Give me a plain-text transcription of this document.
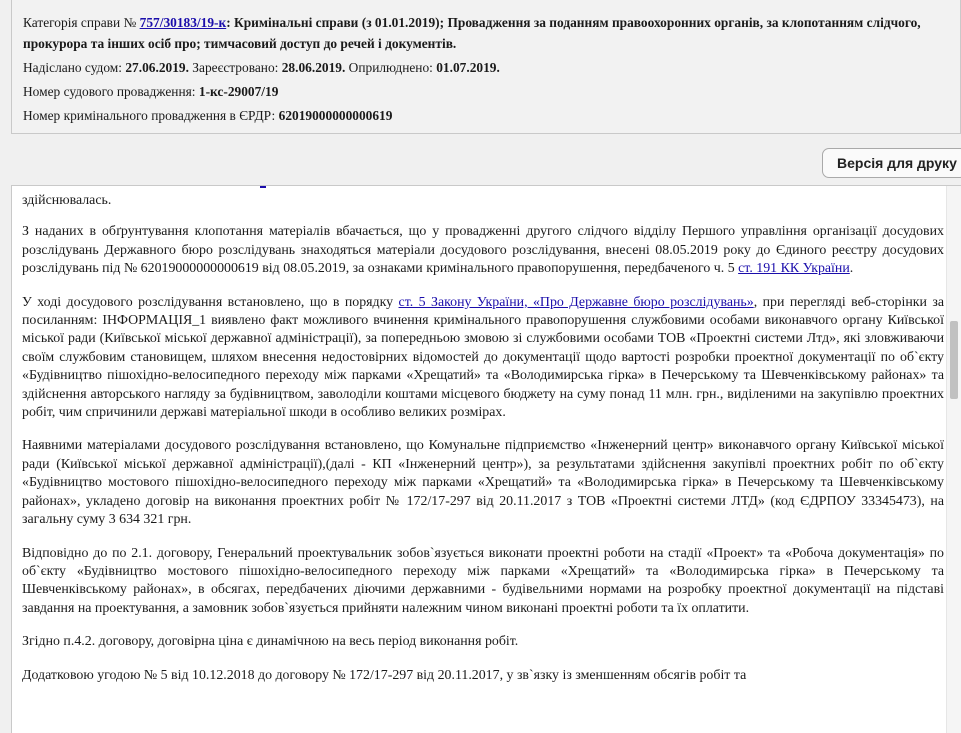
Категорія справи № 757/30183/19-к: Кримінальні справи (з 01.01.2019); Провадження за поданням правоохоронних органів, за клопотанням слідчого, прокурора та інших осіб про; тимчасовий доступ до речей і документів.
Надіслано судом: 27.06.2019. Зареєстровано: 28.06.2019. Оприлюднено: 01.07.2019.
Номер судового провадження: 1-кс-29007/19
Номер кримінального провадження в ЄРДР: 62019000000000619
Версія для друку

здійснювалась.

З наданих в обґрунтування клопотання матеріалів вбачається, що у провадженні другого слідчого відділу Першого управління організації досудових розслідувань Державного бюро розслідувань знаходяться матеріали досудового розслідування, внесені 08.05.2019 року до Єдиного реєстру досудових розслідувань під № 62019000000000619 від 08.05.2019, за ознаками кримінального правопорушення, передбаченого ч. 5 ст. 191 КК України.

У ході досудового розслідування встановлено, що в порядку ст. 5 Закону України, «Про Державне бюро розслідувань», при перегляді веб-сторінки за посиланням: ІНФОРМАЦІЯ_1 виявлено факт можливого вчинення кримінального правопорушення службовими особами виконавчого органу Київської міської ради (Київської міської державної адміністрації), за попередньою змовою зі службовими особами ТОВ «Проектні системи Лтд», які зловживаючи своїм службовим становищем, шляхом внесення недостовірних відомостей до документації щодо вартості розробки проектної документації по об`єкту «Будівництво пішохідно-велосипедного переходу між парками «Хрещатий» та «Володимирська гірка» в Печерському та Шевченківському районах» та здійснення авторського нагляду за будівництвом, заволоділи коштами місцевого бюджету на суму понад 11 млн. грн., виділеними на закупівлю проектних робіт, чим спричинили державі матеріальної шкоди в особливо великих розмірах.

Наявними матеріалами досудового розслідування встановлено, що Комунальне підприємство «Інженерний центр» виконавчого органу Київської міської ради (Київської міської державної адміністрації),(далі - КП «Інженерний центр»), за результатами здійснення закупівлі проектних робіт по об`єкту «Будівництво мостового пішохідно-велосипедного переходу між парками «Хрещатий» та «Володимирська гірка» в Печерському та Шевченківському районах», укладено договір на виконання проектних робіт № 172/17-297 від 20.11.2017 з ТОВ «Проектні системи ЛТД» (код ЄДРПОУ 33345473), на загальну суму 3 634 321 грн.

Відповідно до по 2.1. договору, Генеральний проектувальник зобов`язується виконати проектні роботи на стадії «Проект» та «Робоча документація» по об`єкту «Будівництво мостового пішохідно-велосипедного переходу між парками «Хрещатий» та «Володимирська гірка» в Печерському та Шевченківському районах», в обсягах, передбачених діючими державними - будівельними нормами на розробку проектної документації на підставі завдання на проектування, а замовник зобов`язується прийняти належним чином виконані проектні роботи та їх оплатити.

Згідно п.4.2. договору, договірна ціна є динамічною на весь період виконання робіт.

Додатковою угодою № 5 від 10.12.2018 до договору № 172/17-297 від 20.11.2017, у зв`язку із зменшенням обсягів робіт та
